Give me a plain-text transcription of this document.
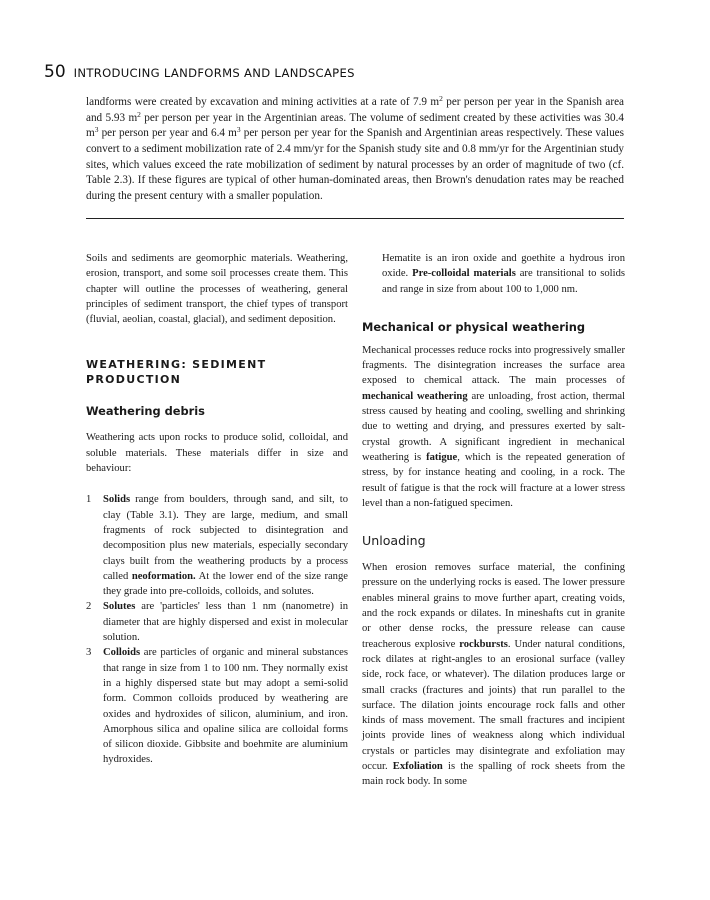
50 INTRODUCING LANDFORMS AND LANDSCAPES
landforms were created by excavation and mining activities at a rate of 7.9 $m^2$ per person per year in the Spanish area and 5.93 $m^2$ per person per year in the Argentinian areas. The volume of sediment created by these activities was 30.4 $m^3$ per person per year and 6.4 $m^3$ per person per year for the Spanish and Argentinian areas respectively. These values convert to a sediment mobilization rate of 2.4 mm/yr for the Spanish study site and 0.8 mm/yr for the Argentinian study sites, which values exceed the rate mobilization of sediment by natural processes by an order of magnitude of two (cf. Table 2.3). If these figures are typical of other human-dominated areas, then Brown's denudation rates may be reached during the present century with a smaller population.

Soils and sediments are geomorphic materials. Weathering, erosion, transport, and some soil processes create them. This chapter will outline the processes of weathering, general principles of sediment transport, the chief types of transport (fluvial, aeolian, coastal, glacial), and sediment deposition.

WEATHERING: SEDIMENT
PRODUCTION
Weathering debris

Weathering acts upon rocks to produce solid, colloidal, and soluble materials. These materials differ in size and behaviour:

1 Solids range from boulders, through sand, and silt, to clay (Table 3.1). They are large, medium, and small fragments of rock subjected to disintegration and decomposition plus new materials, especially secondary clays built from the weathering products by a process called neoformation. At the lower end of the size range they grade into pre-colloids, colloids, and solutes.
2 Solutes are 'particles' less than 1 nm (nanometre) in diameter that are highly dispersed and exist in molecular solution.
3 Colloids are particles of organic and mineral substances that range in size from 1 to 100 nm. They normally exist in a highly dispersed state but may adopt a semi-solid form. Common colloids produced by weathering are oxides and hydroxides of silicon, aluminium, and iron. Amorphous silica and opaline silica are colloidal forms of silicon dioxide. Gibbsite and boehmite are aluminium hydroxides.

Hematite is an iron oxide and goethite a hydrous iron oxide. Pre-colloidal materials are transitional to solids and range in size from about 100 to 1,000 nm.

Mechanical or physical weathering

Mechanical processes reduce rocks into progressively smaller fragments. The disintegration increases the surface area exposed to chemical attack. The main processes of mechanical weathering are unloading, frost action, thermal stress caused by heating and cooling, swelling and shrinking due to wetting and drying, and pressures exerted by salt-crystal growth. A significant ingredient in mechanical weathering is fatigue, which is the repeated generation of stress, by for instance heating and cooling, in a rock. The result of fatigue is that the rock will fracture at a lower stress level than a non-fatigued specimen.

Unloading

When erosion removes surface material, the confining pressure on the underlying rocks is eased. The lower pressure enables mineral grains to move further apart, creating voids, and the rock expands or dilates. In mineshafts cut in granite or other dense rocks, the pressure release can cause treacherous explosive rockbursts. Under natural conditions, rock dilates at right-angles to an erosional surface (valley side, rock face, or whatever). The dilation produces large or small cracks (fractures and joints) that run parallel to the surface. The dilation joints encourage rock falls and other kinds of mass movement. The small fractures and incipient joints provide lines of weakness along which individual crystals or particles may disintegrate and exfoliation may occur. Exfoliation is the spalling of rock sheets from the main rock body. In some
